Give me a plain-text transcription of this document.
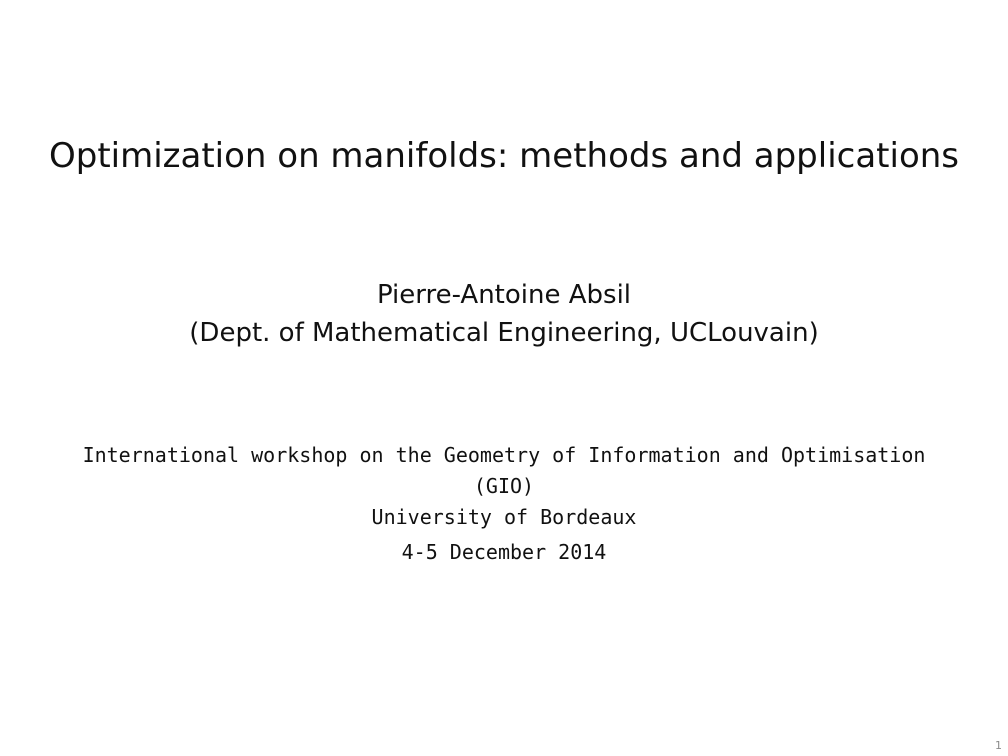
Optimization on manifolds: methods and applications
Pierre-Antoine Absil
(Dept. of Mathematical Engineering, UCLouvain)
International workshop on the Geometry of Information and Optimisation
(GIO)
University of Bordeaux
4-5 December 2014
1
